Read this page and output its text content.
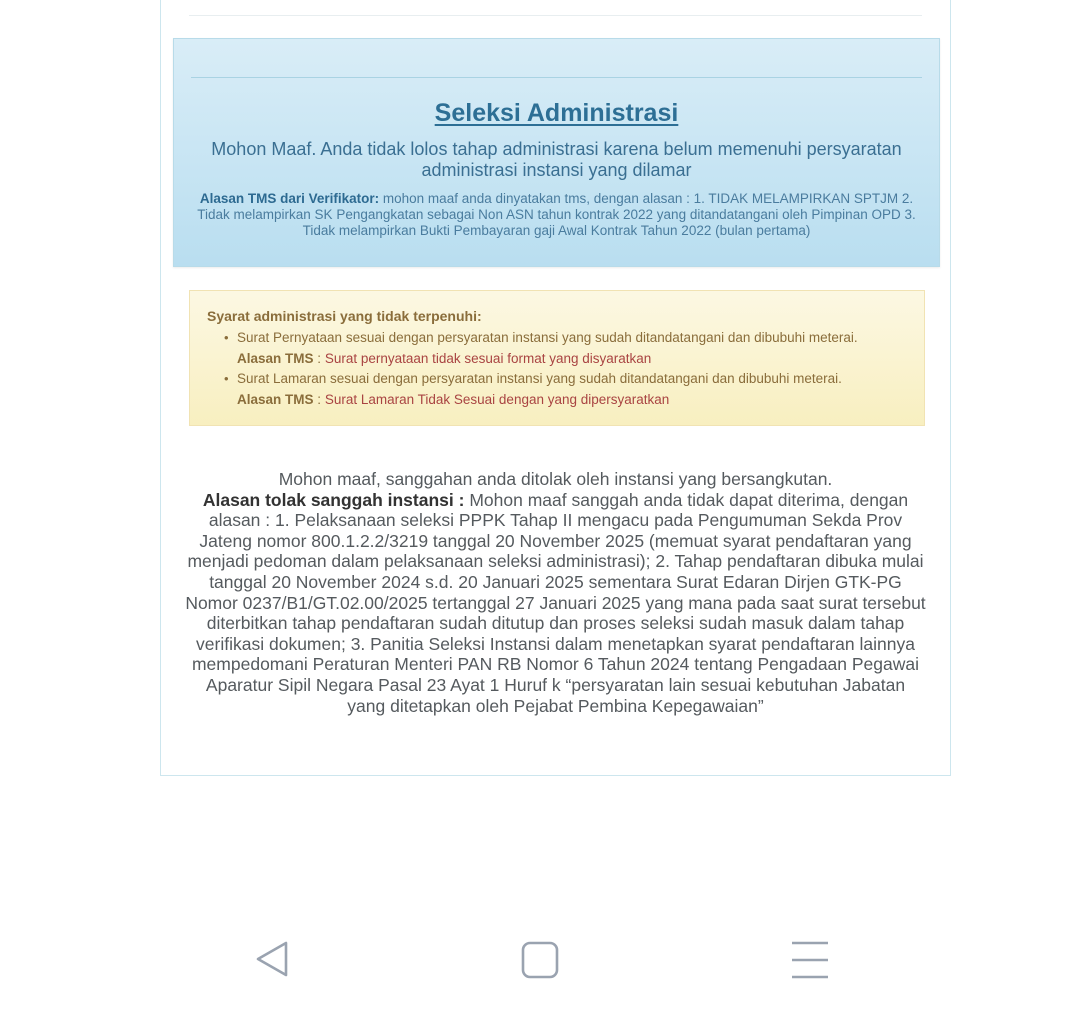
Seleksi Administrasi
Mohon Maaf. Anda tidak lolos tahap administrasi karena belum memenuhi persyaratan administrasi instansi yang dilamar
Alasan TMS dari Verifikator: mohon maaf anda dinyatakan tms, dengan alasan : 1. TIDAK MELAMPIRKAN SPTJM 2. Tidak melampirkan SK Pengangkatan sebagai Non ASN tahun kontrak 2022 yang ditandatangani oleh Pimpinan OPD 3. Tidak melampirkan Bukti Pembayaran gaji Awal Kontrak Tahun 2022 (bulan pertama)
Syarat administrasi yang tidak terpenuhi:
• Surat Pernyataan sesuai dengan persyaratan instansi yang sudah ditandatangani dan dibubuhi meterai.
Alasan TMS : Surat pernyataan tidak sesuai format yang disyaratkan
• Surat Lamaran sesuai dengan persyaratan instansi yang sudah ditandatangani dan dibubuhi meterai.
Alasan TMS : Surat Lamaran Tidak Sesuai dengan yang dipersyaratkan
Mohon maaf, sanggahan anda ditolak oleh instansi yang bersangkutan.
Alasan tolak sanggah instansi : Mohon maaf sanggah anda tidak dapat diterima, dengan alasan : 1. Pelaksanaan seleksi PPPK Tahap II mengacu pada Pengumuman Sekda Prov Jateng nomor 800.1.2.2/3219 tanggal 20 November 2025 (memuat syarat pendaftaran yang menjadi pedoman dalam pelaksanaan seleksi administrasi); 2. Tahap pendaftaran dibuka mulai tanggal 20 November 2024 s.d. 20 Januari 2025 sementara Surat Edaran Dirjen GTK-PG Nomor 0237/B1/GT.02.00/2025 tertanggal 27 Januari 2025 yang mana pada saat surat tersebut diterbitkan tahap pendaftaran sudah ditutup dan proses seleksi sudah masuk dalam tahap verifikasi dokumen; 3. Panitia Seleksi Instansi dalam menetapkan syarat pendaftaran lainnya mempedomani Peraturan Menteri PAN RB Nomor 6 Tahun 2024 tentang Pengadaan Pegawai Aparatur Sipil Negara Pasal 23 Ayat 1 Huruf k “persyaratan lain sesuai kebutuhan Jabatan yang ditetapkan oleh Pejabat Pembina Kepegawaian”
